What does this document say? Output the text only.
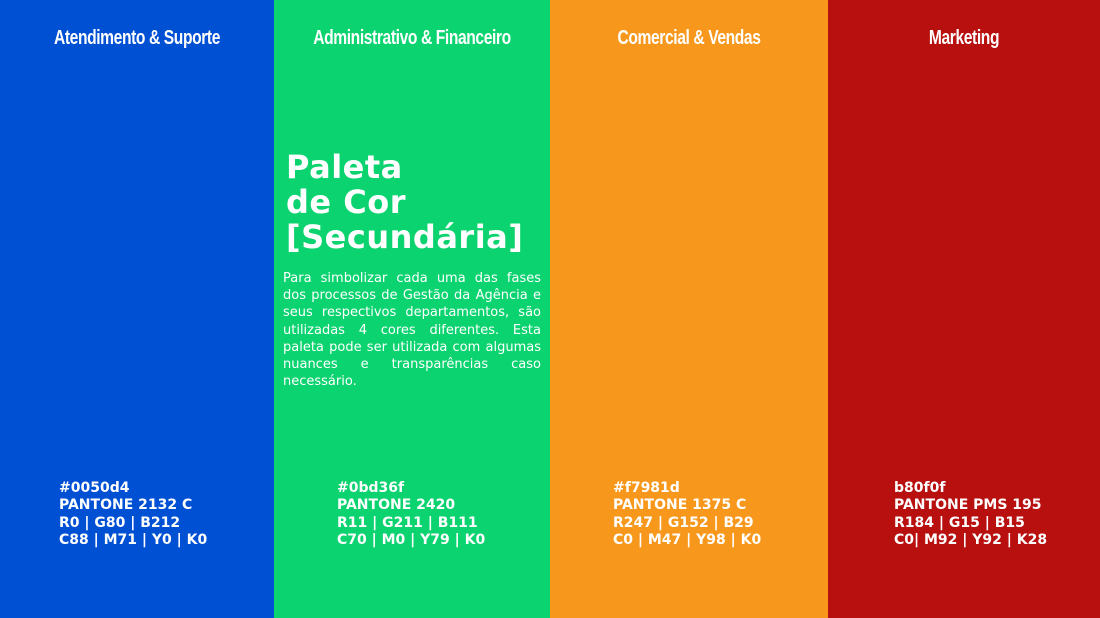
Atendimento & Suporte
#0050d4
PANTONE 2132 C
R0 | G80 | B212
C88 | M71 | Y0 | K0
Administrativo & Financeiro
Paleta
de Cor
[Secundária]
Para simbolizar cada uma das fases dos processos de Gestão da Agência e seus respectivos departamentos, são utilizadas 4 cores diferentes. Esta paleta pode ser utilizada com algumas nuances e transparências caso necessário.
#0bd36f
PANTONE 2420
R11 | G211 | B111
C70 | M0 | Y79 | K0
Comercial & Vendas
#f7981d
PANTONE 1375 C
R247 | G152 | B29
C0 | M47 | Y98 | K0
Marketing
b80f0f
PANTONE PMS 195
R184 | G15 | B15
C0| M92 | Y92 | K28
